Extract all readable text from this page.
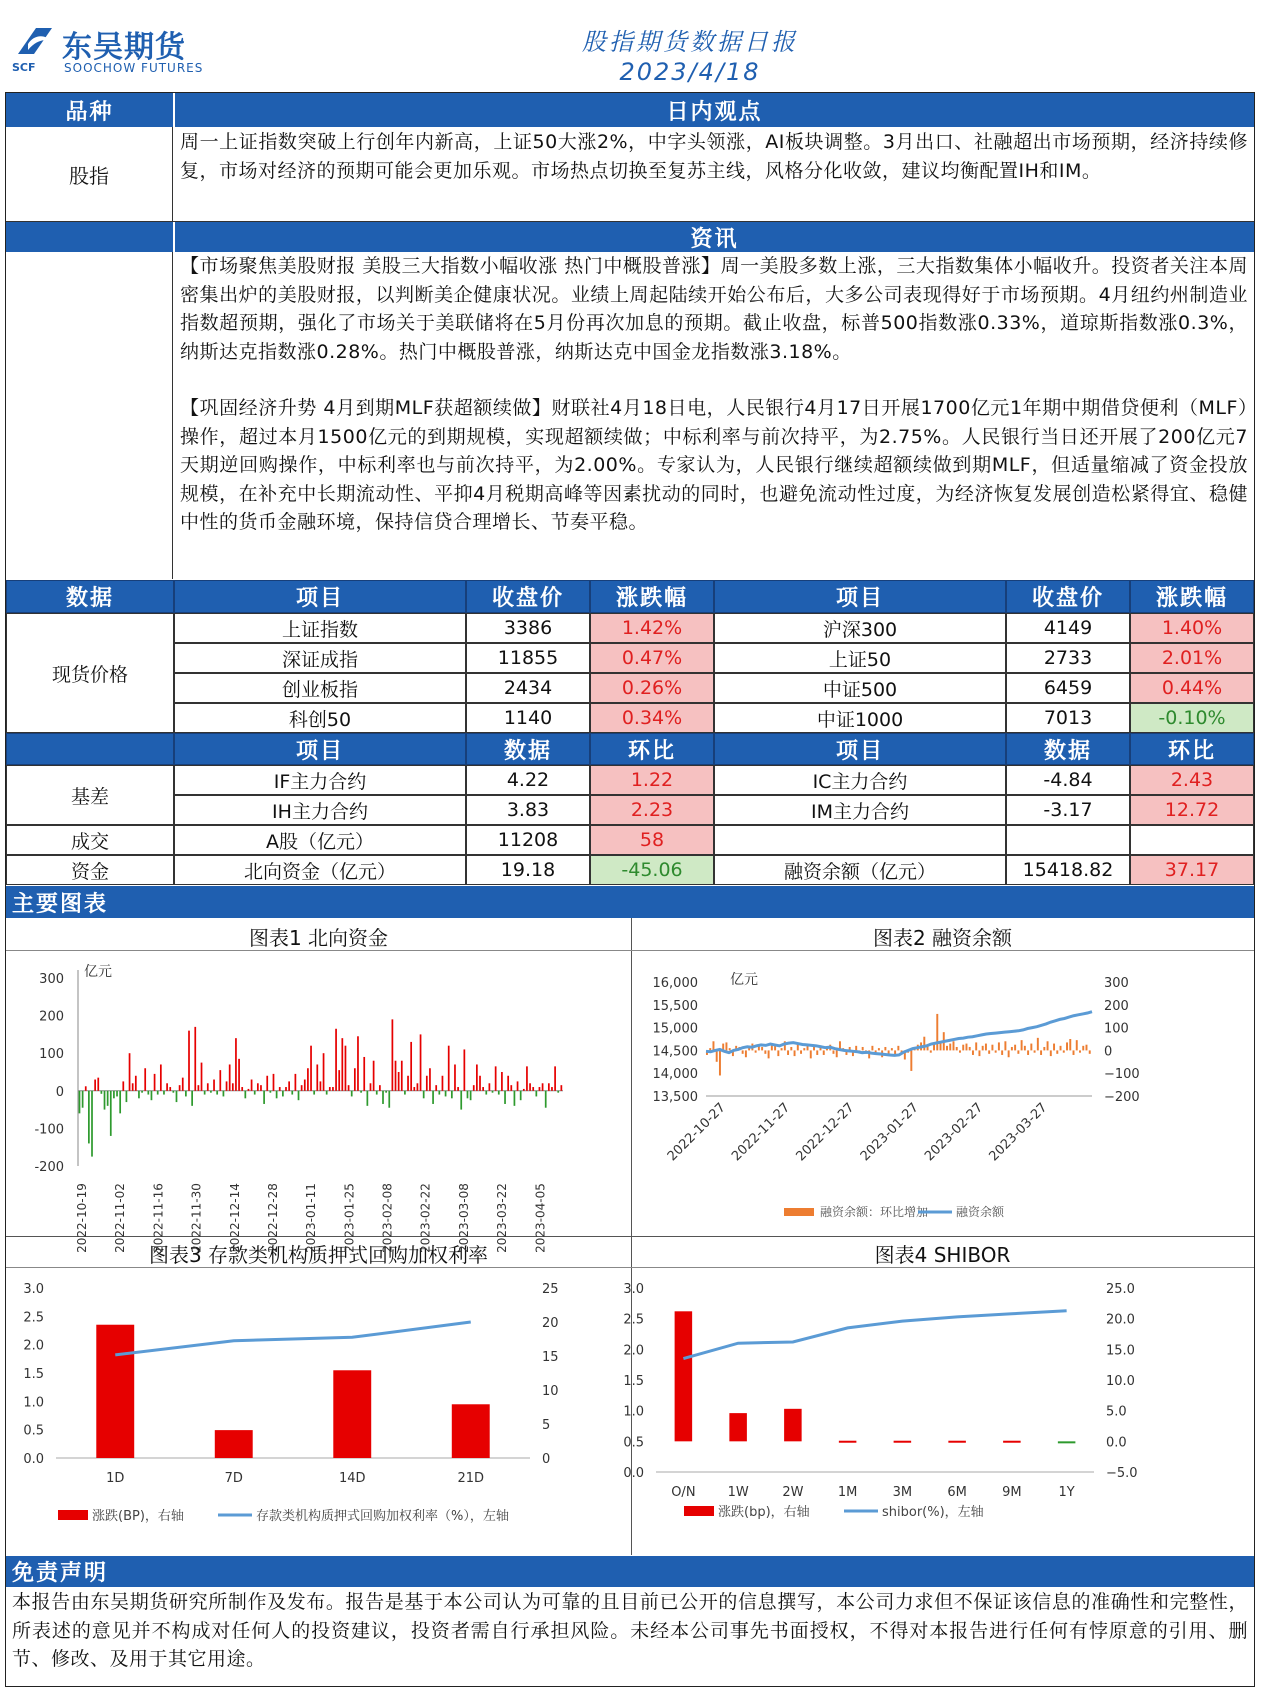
SCF
东吴期货
SOOCHOW FUTURES
股指期货数据日报
2023/4/18
品种	日内观点
股指
周一上证指数突破上行创年内新高，上证50大涨2%，中字头领涨，AI板块调整。3月出口、社融超出市场预期，经济持续修复，市场对经济的预期可能会更加乐观。市场热点切换至复苏主线，风格分化收敛，建议均衡配置IH和IM。
资讯
【市场聚焦美股财报 美股三大指数小幅收涨 热门中概股普涨】周一美股多数上涨，三大指数集体小幅收升。投资者关注本周密集出炉的美股财报，以判断美企健康状况。业绩上周起陆续开始公布后，大多公司表现得好于市场预期。4月纽约州制造业指数超预期，强化了市场关于美联储将在5月份再次加息的预期。截止收盘，标普500指数涨0.33%，道琼斯指数涨0.3%，纳斯达克指数涨0.28%。热门中概股普涨，纳斯达克中国金龙指数涨3.18%。
【巩固经济升势 4月到期MLF获超额续做】财联社4月18日电，人民银行4月17日开展1700亿元1年期中期借贷便利（MLF）操作，超过本月1500亿元的到期规模，实现超额续做；中标利率与前次持平，为2.75%。人民银行当日还开展了200亿元7天期逆回购操作，中标利率也与前次持平，为2.00%。专家认为，人民银行继续超额续做到期MLF，但适量缩减了资金投放规模，在补充中长期流动性、平抑4月税期高峰等因素扰动的同时，也避免流动性过度，为经济恢复发展创造松紧得宜、稳健中性的货币金融环境，保持信贷合理增长、节奏平稳。
数据	项目	收盘价	涨跌幅	项目	收盘价	涨跌幅
现货价格
上证指数	3386	1.42%	沪深300	4149	1.40%
深证成指	11855	0.47%	上证50	2733	2.01%
创业板指	2434	0.26%	中证500	6459	0.44%
科创50	1140	0.34%	中证1000	7013	-0.10%
项目	数据	环比	项目	数据	环比
基差
IF主力合约	4.22	1.22	IC主力合约	-4.84	2.43
IH主力合约	3.83	2.23	IM主力合约	-3.17	12.72
成交	A股（亿元）	11208	58
资金	北向资金（亿元）	19.18	-45.06	融资余额（亿元）	15418.82	37.17
主要图表
图表1 北向资金	图表2 融资余额
图表3 存款类机构质押式回购加权利率	图表4 SHIBOR
-200
-100
0
100
200
300 亿元
2022-10-19 2022-11-02 2022-11-16 2022-11-30 2022-12-14 2022-12-28 2023-01-11 2023-01-25 2023-02-08 2023-02-22 2023-03-08 2023-03-22 2023-04-05
16,000
15,500
15,000
14,500
14,000
13,500
300
200
100
0
−100
−200
亿元
2022-10-27 2022-11-27 2022-12-27 2023-01-27 2023-02-27 2023-03-27
融资余额：环比增加 融资余额
3.0
2.5
2.0
1.5
1.0
0.5
0.0
25
20
15
10
5
0
1D	7D	14D	21D
涨跌(BP)，右轴	存款类机构质押式回购加权利率（%），左轴
3.0
2.5
2.0
1.5
1.0
0.5
0.0
25.0
20.0
15.0
10.0
5.0
0.0
−5.0
O/N 1W	2W	1M	3M	6M	9M	1Y
涨跌(bp)，右轴	shibor(%)，左轴
免责声明
本报告由东吴期货研究所制作及发布。报告是基于本公司认为可靠的且目前已公开的信息撰写，本公司力求但不保证该信息的准确性和完整性，所表述的意见并不构成对任何人的投资建议，投资者需自行承担风险。未经本公司事先书面授权，不得对本报告进行任何有悖原意的引用、删节、修改、及用于其它用途。
